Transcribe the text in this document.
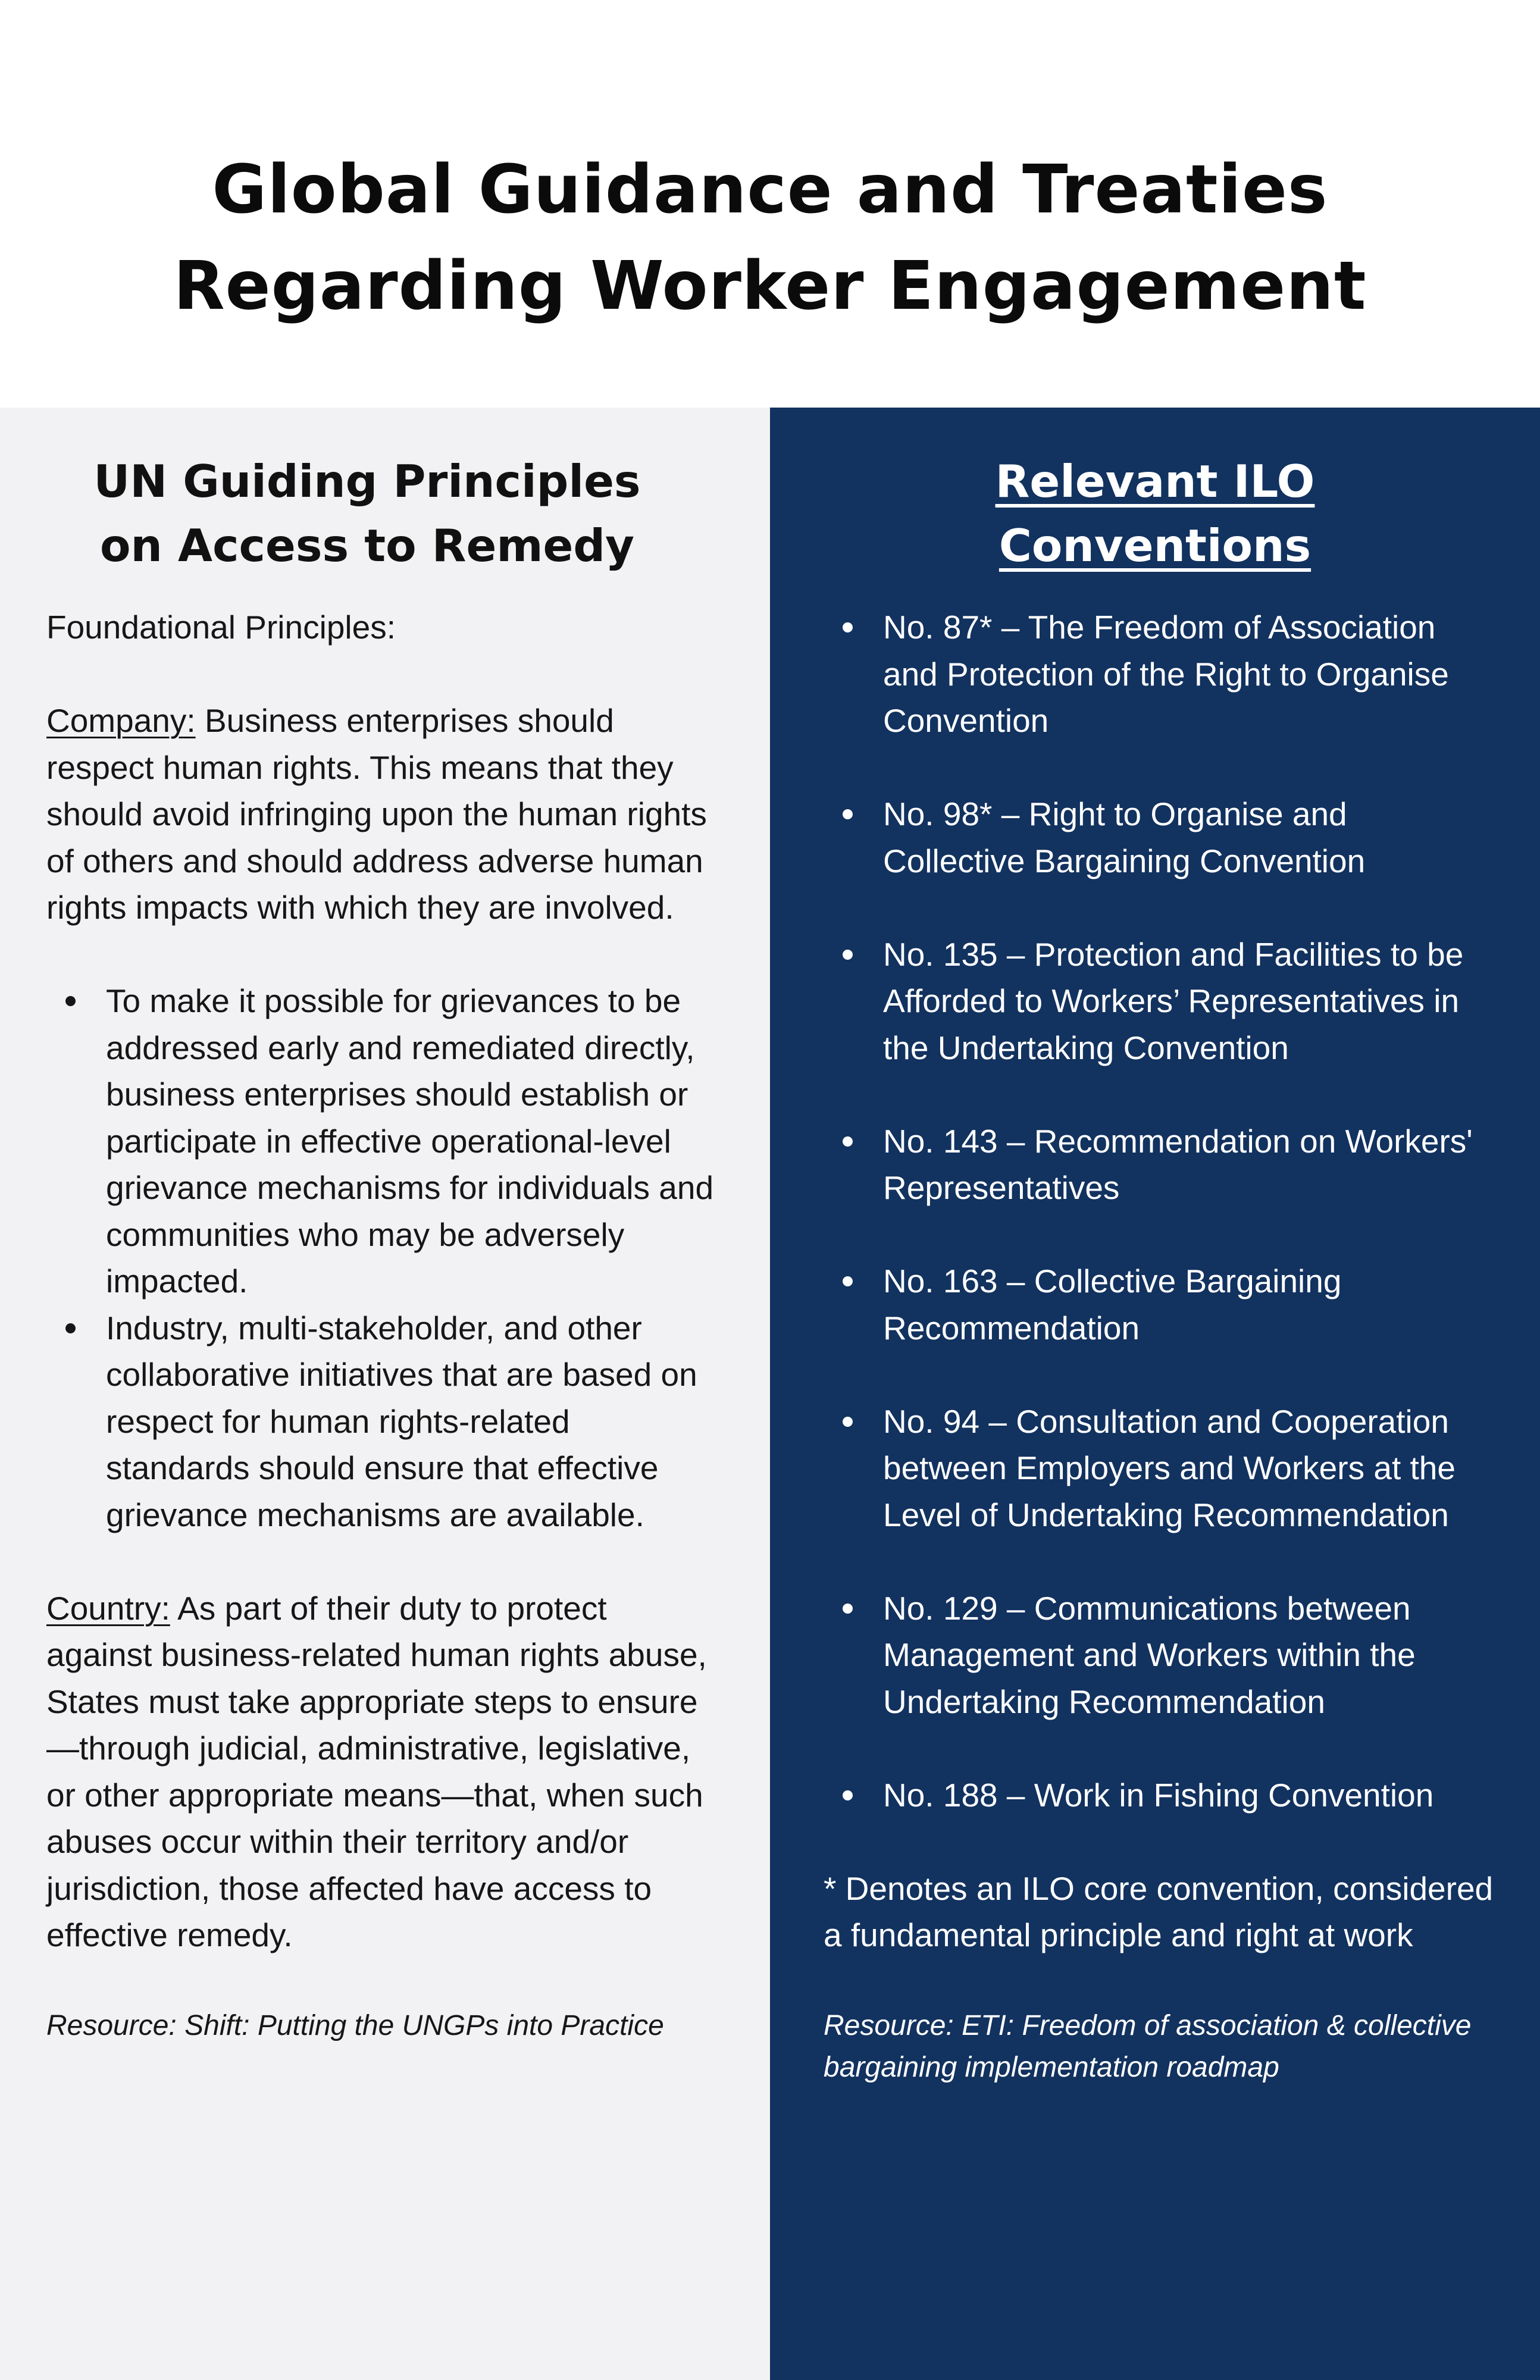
Global Guidance and Treaties
Regarding Worker Engagement
UN Guiding Principles
on Access to Remedy

Foundational Principles:

Company: Business enterprises should respect human rights. This means that they should avoid infringing upon the human rights of others and should address adverse human rights impacts with which they are involved.

To make it possible for grievances to be addressed early and remediated directly, business enterprises should establish or participate in effective operational-level grievance mechanisms for individuals and communities who may be adversely impacted.
Industry, multi-stakeholder, and other collaborative initiatives that are based on respect for human rights-related standards should ensure that effective grievance mechanisms are available.

Country: As part of their duty to protect against business-related human rights abuse, States must take appropriate steps to ensure—through judicial, administrative, legislative, or other appropriate means—that, when such abuses occur within their territory and/or jurisdiction, those affected have access to effective remedy.

Resource: Shift: Putting the UNGPs into Practice

Relevant ILO
Conventions
No. 87* – The Freedom of Association and Protection of the Right to Organise Convention
No. 98* – Right to Organise and Collective Bargaining Convention
No. 135 – Protection and Facilities to be Afforded to Workers’ Representatives in the Undertaking Convention
No. 143 – Recommendation on Workers' Representatives
No. 163 – Collective Bargaining Recommendation
No. 94 – Consultation and Cooperation between Employers and Workers at the Level of Undertaking Recommendation
No. 129 – Communications between Management and Workers within the Undertaking Recommendation
No. 188 – Work in Fishing Convention

* Denotes an ILO core convention, considered a fundamental principle and right at work

Resource: ETI: Freedom of association & collective bargaining implementation roadmap
